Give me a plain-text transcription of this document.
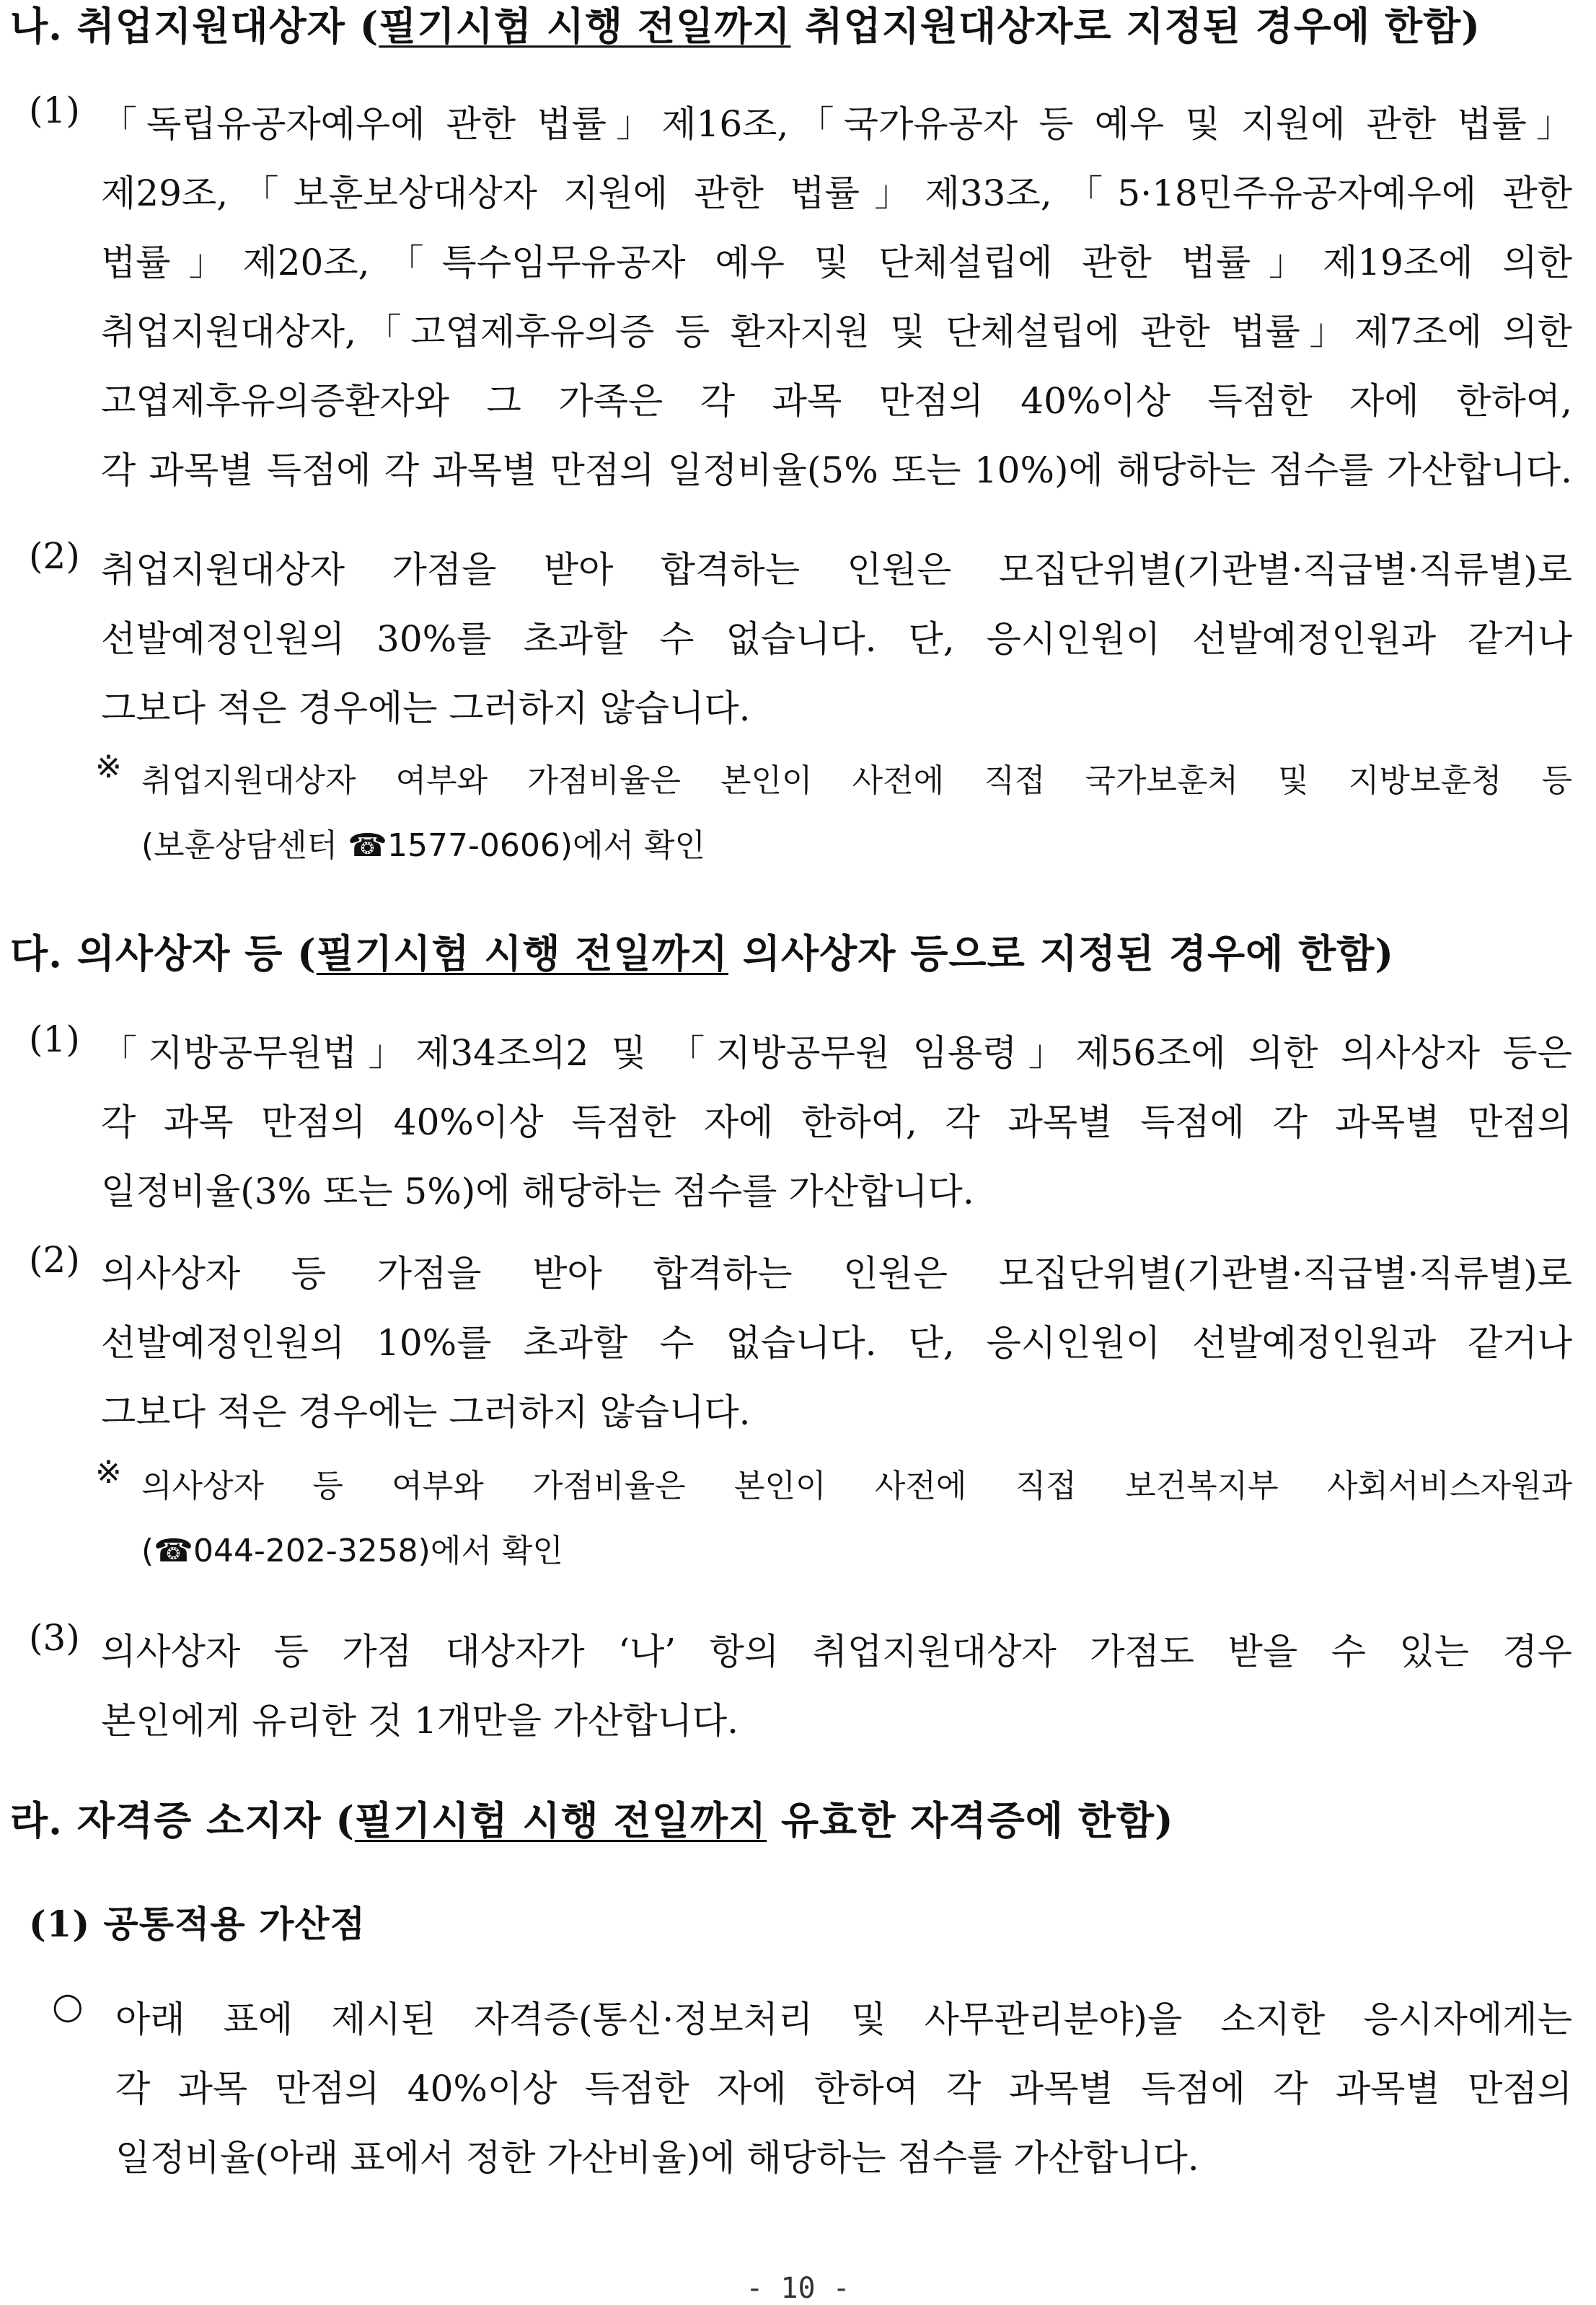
나. 취업지원대상자 (필기시험 시행 전일까지 취업지원대상자로 지정된 경우에 한함)
(1) 「독립유공자예우에 관한 법률」제16조,「국가유공자 등 예우 및 지원에 관한 법률」
제29조,「보훈보상대상자 지원에 관한 법률」제33조,「5·18민주유공자예우에 관한
법률」제20조,「특수임무유공자 예우 및 단체설립에 관한 법률」제19조에 의한
취업지원대상자,「고엽제후유의증 등 환자지원 및 단체설립에 관한 법률」제7조에 의한
고엽제후유의증환자와 그 가족은 각 과목 만점의 40%이상 득점한 자에 한하여,
각 과목별 득점에 각 과목별 만점의 일정비율(5% 또는 10%)에 해당하는 점수를 가산합니다.
(2) 취업지원대상자 가점을 받아 합격하는 인원은 모집단위별(기관별·직급별·직류별)로
선발예정인원의 30%를 초과할 수 없습니다. 단, 응시인원이 선발예정인원과 같거나
그보다 적은 경우에는 그러하지 않습니다.
※ 취업지원대상자 여부와 가점비율은 본인이 사전에 직접 국가보훈처 및 지방보훈청 등
(보훈상담센터 ☎1577-0606)에서 확인
다. 의사상자 등 (필기시험 시행 전일까지 의사상자 등으로 지정된 경우에 한함)
(1) 「지방공무원법」제34조의2 및 「지방공무원 임용령」제56조에 의한 의사상자 등은
각 과목 만점의 40%이상 득점한 자에 한하여, 각 과목별 득점에 각 과목별 만점의
일정비율(3% 또는 5%)에 해당하는 점수를 가산합니다.
(2) 의사상자 등 가점을 받아 합격하는 인원은 모집단위별(기관별·직급별·직류별)로
선발예정인원의 10%를 초과할 수 없습니다. 단, 응시인원이 선발예정인원과 같거나
그보다 적은 경우에는 그러하지 않습니다.
※ 의사상자 등 여부와 가점비율은 본인이 사전에 직접 보건복지부 사회서비스자원과
(☎044-202-3258)에서 확인
(3) 의사상자 등 가점 대상자가 ‘나’ 항의 취업지원대상자 가점도 받을 수 있는 경우
본인에게 유리한 것 1개만을 가산합니다.
라. 자격증 소지자 (필기시험 시행 전일까지 유효한 자격증에 한함)
(1) 공통적용 가산점
○ 아래 표에 제시된 자격증(통신·정보처리 및 사무관리분야)을 소지한 응시자에게는
각 과목 만점의 40%이상 득점한 자에 한하여 각 과목별 득점에 각 과목별 만점의
일정비율(아래 표에서 정한 가산비율)에 해당하는 점수를 가산합니다.
- 10 -
